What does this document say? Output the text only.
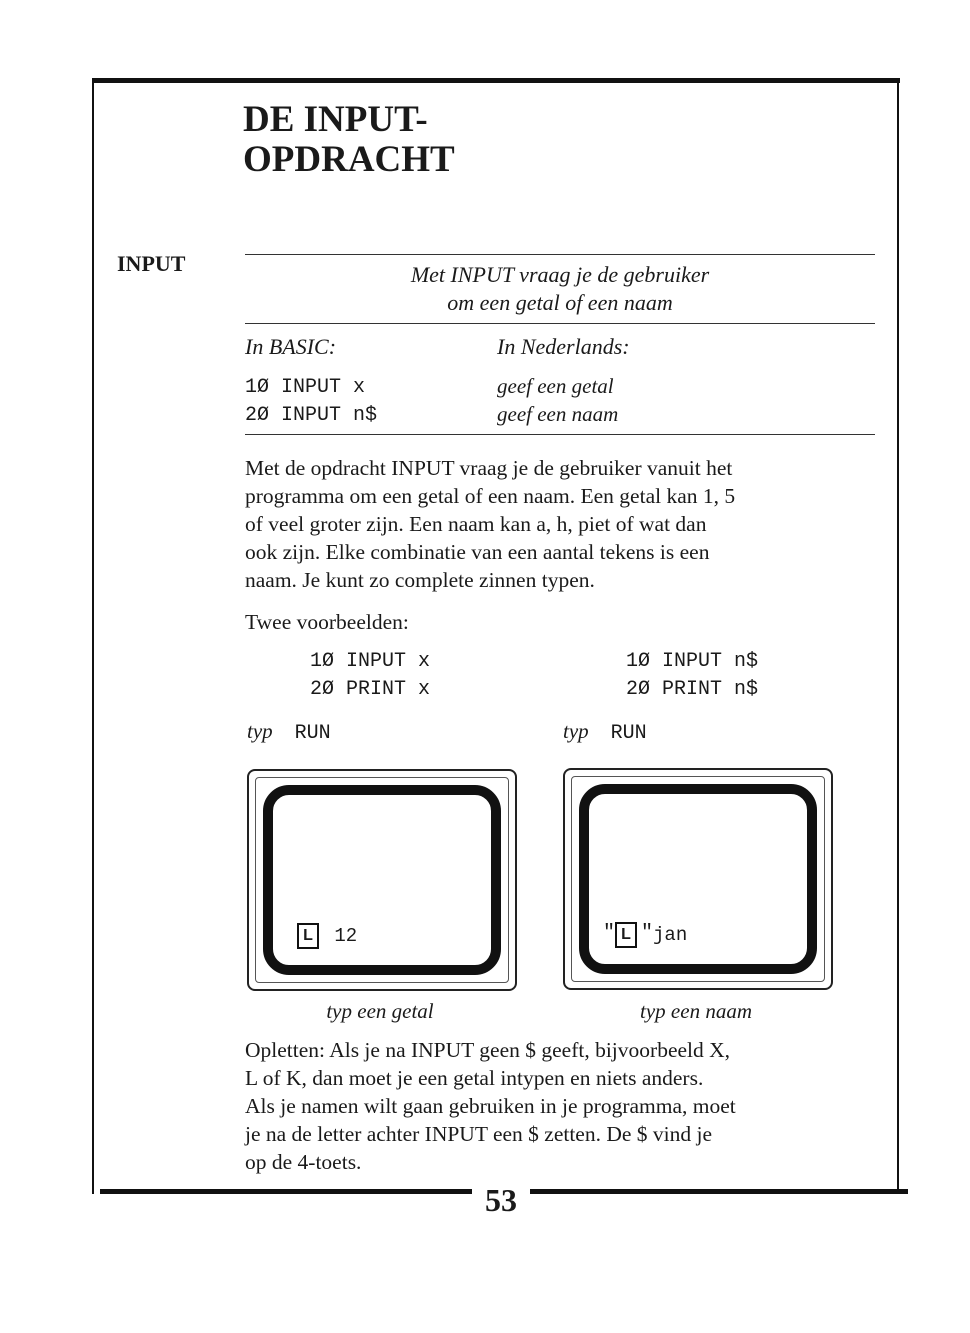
DE INPUT-
OPDRACHT
INPUT	Met INPUT vraag je de gebruiker
om een getal of een naam
In BASIC:	In Nederlands:
1Ø INPUT x	geef een getal
2Ø INPUT n$	geef een naam

Met de opdracht INPUT vraag je de gebruiker vanuit het
programma om een getal of een naam. Een getal kan 1, 5
of veel groter zijn. Een naam kan a, h, piet of wat dan
ook zijn. Elke combinatie van een aantal tekens is een
naam. Je kunt zo complete zinnen typen.

Twee voorbeelden:

1Ø INPUT x
2Ø PRINT x
typ RUN
L 12
typ een getal
1Ø INPUT n$
2Ø PRINT n$
typ RUN
" L "jan
typ een naam

Opletten: Als je na INPUT geen $ geeft, bijvoorbeeld X,
L of K, dan moet je een getal intypen en niets anders.
Als je namen wilt gaan gebruiken in je programma, moet
je na de letter achter INPUT een $ zetten. De $ vind je
op de 4-toets.

53
